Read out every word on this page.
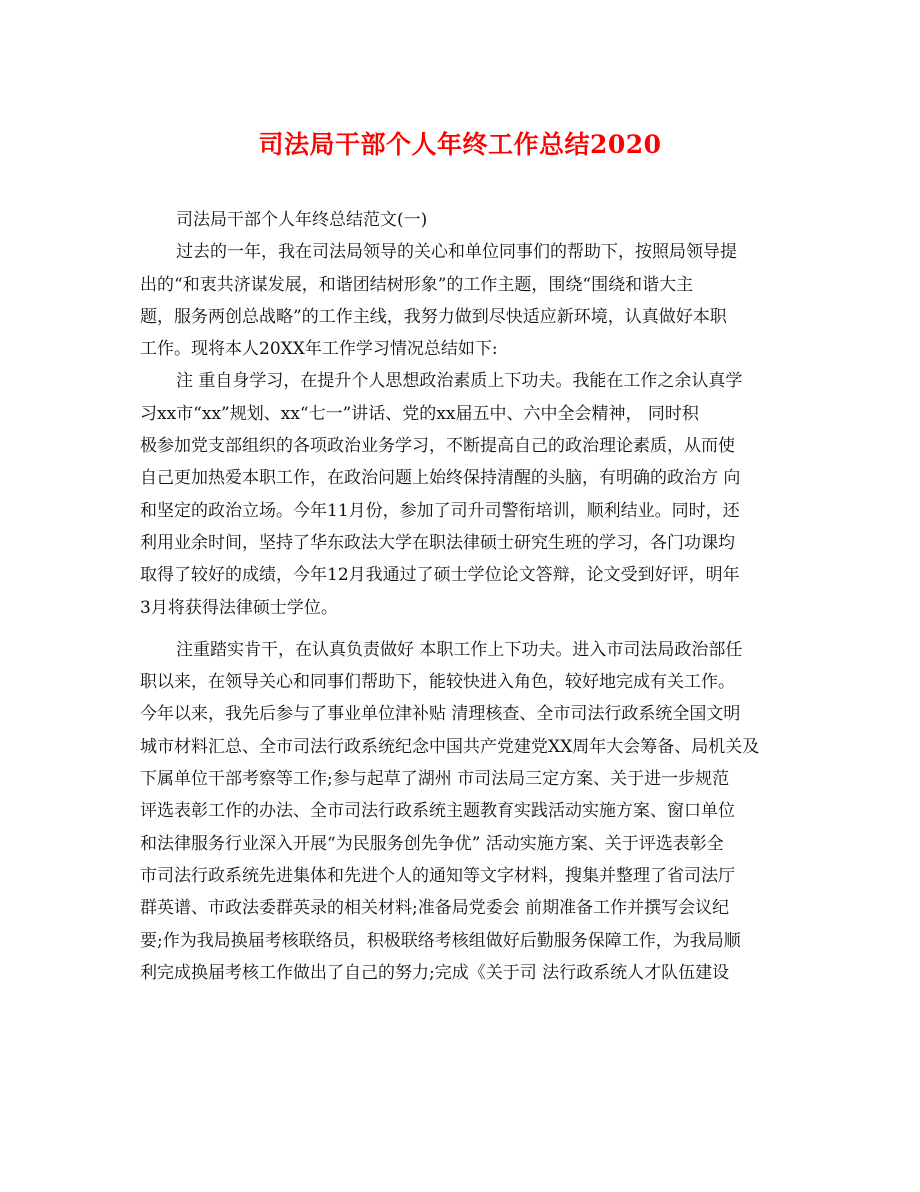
司法局干部个人年终工作总结2020
司法局干部个人年终总结范文(一)
过去的一年，我在司法局领导的关心和单位同事们的帮助下，按照局领导提
出的“和衷共济谋发展，和谐团结树形象”的工作主题，围绕“围绕和谐大主
题，服务两创总战略”的工作主线，我努力做到尽快适应新环境，认真做好本职
工作。现将本人20XX年工作学习情况总结如下:
注 重自身学习，在提升个人思想政治素质上下功夫。我能在工作之余认真学
习xx市“xx”规划、xx“七一”讲话、党的xx届五中、六中全会精神， 同时积
极参加党支部组织的各项政治业务学习，不断提高自己的政治理论素质，从而使
自己更加热爱本职工作，在政治问题上始终保持清醒的头脑，有明确的政治方 向
和坚定的政治立场。今年11月份，参加了司升司警衔培训，顺利结业。同时，还
利用业余时间，坚持了华东政法大学在职法律硕士研究生班的学习，各门功课均
取得了较好的成绩，今年12月我通过了硕士学位论文答辩，论文受到好评，明年
3月将获得法律硕士学位。
注重踏实肯干，在认真负责做好 本职工作上下功夫。进入市司法局政治部任
职以来，在领导关心和同事们帮助下，能较快进入角色，较好地完成有关工作。
今年以来，我先后参与了事业单位津补贴 清理核查、全市司法行政系统全国文明
城市材料汇总、全市司法行政系统纪念中国共产党建党XX周年大会筹备、局机关及
下属单位干部考察等工作;参与起草了湖州 市司法局三定方案、关于进一步规范
评选表彰工作的办法、全市司法行政系统主题教育实践活动实施方案、窗口单位
和法律服务行业深入开展“为民服务创先争优” 活动实施方案、关于评选表彰全
市司法行政系统先进集体和先进个人的通知等文字材料，搜集并整理了省司法厅
群英谱、市政法委群英录的相关材料;准备局党委会 前期准备工作并撰写会议纪
要;作为我局换届考核联络员，积极联络考核组做好后勤服务保障工作，为我局顺
利完成换届考核工作做出了自己的努力;完成《关于司 法行政系统人才队伍建设
